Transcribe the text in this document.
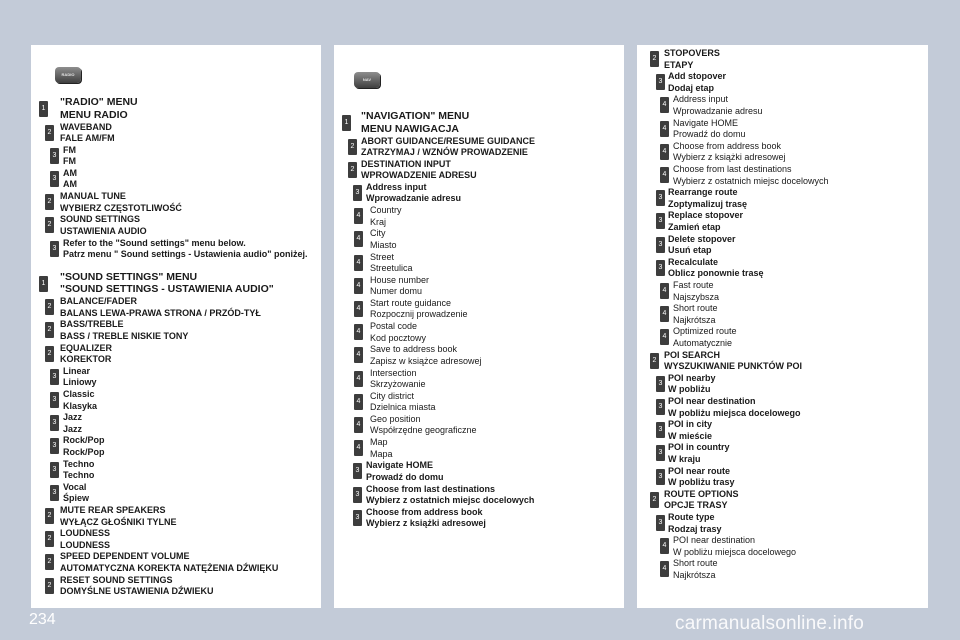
RADIO
1
"RADIO" MENU
MENU RADIO
2
WAVEBAND
FALE AM/FM
3
FM
FM
3
AM
AM
2
MANUAL TUNE
WYBIERZ CZĘSTOTLIWOŚĆ
2
SOUND SETTINGS
USTAWIENIA AUDIO
3
Refer to the "Sound settings" menu below.
Patrz menu " Sound settings - Ustawienia audio" poniżej.
1
"SOUND SETTINGS" MENU
"SOUND SETTINGS - USTAWIENIA AUDIO"
2
BALANCE/FADER
BALANS LEWA-PRAWA STRONA / PRZÓD-TYŁ
2
BASS/TREBLE
BASS / TREBLE NISKIE TONY
2
EQUALIZER
KOREKTOR
3
Linear
Liniowy
3
Classic
Klasyka
3
Jazz
Jazz
3
Rock/Pop
Rock/Pop
3
Techno
Techno
3
Vocal
Śpiew
2
MUTE REAR SPEAKERS
WYŁĄCZ GŁOŚNIKI TYLNE
2
LOUDNESS
LOUDNESS
2
SPEED DEPENDENT VOLUME
AUTOMATYCZNA KOREKTA NATĘŻENIA DŹWIĘKU
2
RESET SOUND SETTINGS
DOMYŚLNE USTAWIENIA DŹWIEKU
NAV
1
"NAVIGATION" MENU
MENU NAWIGACJA
2
ABORT GUIDANCE/RESUME GUIDANCE
ZATRZYMAJ / WZNÓW PROWADZENIE
2
DESTINATION INPUT
WPROWADZENIE ADRESU
3
Address input
Wprowadzanie adresu
4
Country
Kraj
4
City
Miasto
4
Street
Streetulica
4
House number
Numer domu
4
Start route guidance
Rozpocznij prowadzenie
4
Postal code
Kod pocztowy
4
Save to address book
Zapisz w książce adresowej
4
Intersection
Skrzyżowanie
4
City district
Dzielnica miasta
4
Geo position
Współrzędne geograficzne
4
Map
Mapa
3
Navigate HOME
Prowadź do domu
3
Choose from last destinations
Wybierz z ostatnich miejsc docelowych
3
Choose from address book
Wybierz z książki adresowej
2
STOPOVERS
ETAPY
3
Add stopover
Dodaj etap
4
Address input
Wprowadzanie adresu
4
Navigate HOME
Prowadź do domu
4
Choose from address book
Wybierz z książki adresowej
4
Choose from last destinations
Wybierz z ostatnich miejsc docelowych
3
Rearrange route
Zoptymalizuj trasę
3
Replace stopover
Zamień etap
3
Delete stopover
Usuń etap
3
Recalculate
Oblicz ponownie trasę
4
Fast route
Najszybsza
4
Short route
Najkrótsza
4
Optimized route
Automatycznie
2
POI SEARCH
WYSZUKIWANIE PUNKTÓW POI
3
POI nearby
W pobliżu
3
POI near destination
W pobliżu miejsca docelowego
3
POI in city
W mieście
3
POI in country
W kraju
3
POI near route
W pobliżu trasy
2
ROUTE OPTIONS
OPCJE TRASY
3
Route type
Rodzaj trasy
4
POI near destination
W pobliżu miejsca docelowego
4
Short route
Najkrótsza
234	carmanualsonline.info
